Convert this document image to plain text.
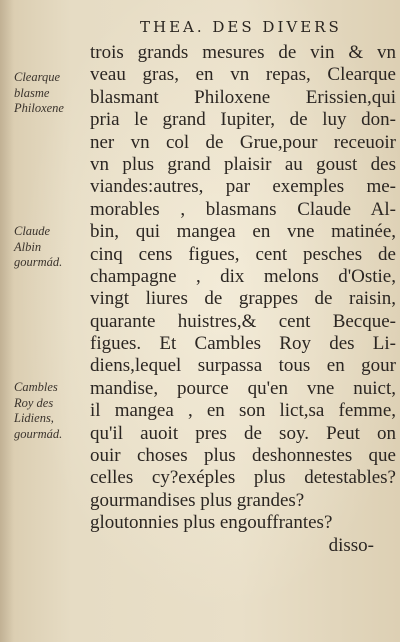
THEA. DES DIVERS
Clearque
blasme
Philoxene
Claude
Albin
gourmád.
Cambles
Roy des
Lidiens,
gourmád.
trois grands mesures de vin & vn
veau gras, en vn repas, Clearque
blasmant Philoxene Erissien,qui
pria le grand Iupiter, de luy don-
ner vn col de Grue,pour receuoir
vn plus grand plaisir au goust des
viandes:autres, par exemples me-
morables , blasmans Claude Al-
bin, qui mangea en vne matinée,
cinq cens figues, cent pesches de
champagne , dix melons d'Ostie,
vingt liures de grappes de raisin,
quarante huistres,& cent Becque-
figues. Et Cambles Roy des Li-
diens,lequel surpassa tous en gour
mandise, pource qu'en vne nuict,
il mangea , en son lict,sa femme,
qu'il auoit pres de soy. Peut on
ouir choses plus deshonnestes que
celles cy?exéples plus detestables?
gourmandises plus grandes?
gloutonnies plus engouffrantes?
disso-
